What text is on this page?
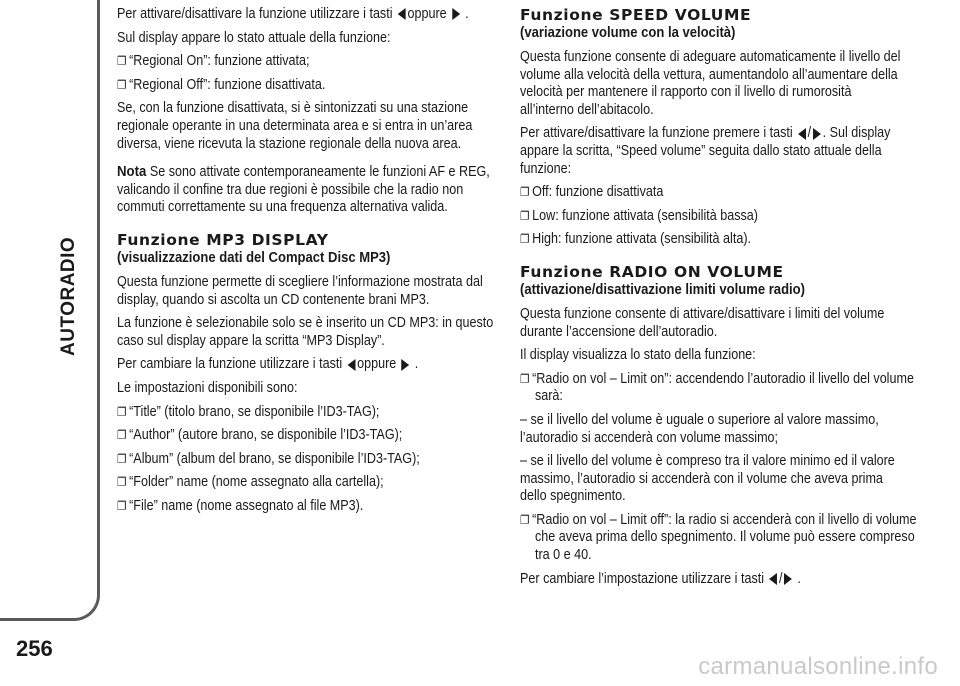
AUTORADIO
256
carmanualsonline.info

Per attivare/disattivare la funzione utilizzare i tasti oppure .

Sul display appare lo stato attuale della funzione:

❐ “Regional On”: funzione attivata;

❐ “Regional Off”: funzione disattivata.

Se, con la funzione disattivata, si è sintonizzati su una stazione regionale operante in una determinata area e si entra in un’area diversa, viene ricevuta la stazione regionale della nuova area.

Nota Se sono attivate contemporaneamente le funzioni AF e REG, valicando il confine tra due regioni è possibile che la radio non commuti correttamente su una frequenza alternativa valida.

Funzione MP3 DISPLAY
(visualizzazione dati del Compact Disc MP3)

Questa funzione permette di scegliere l’informazione mostrata dal display, quando si ascolta un CD contenente brani MP3.

La funzione è selezionabile solo se è inserito un CD MP3: in questo caso sul display appare la scritta “MP3 Display”.

Per cambiare la funzione utilizzare i tasti oppure .

Le impostazioni disponibili sono:

❐ “Title” (titolo brano, se disponibile l’ID3-TAG);

❐ “Author” (autore brano, se disponibile l’ID3-TAG);

❐ “Album” (album del brano, se disponibile l’ID3-TAG);

❐ “Folder” name (nome assegnato alla cartella);

❐ “File” name (nome assegnato al file MP3).

Funzione SPEED VOLUME
(variazione volume con la velocità)

Questa funzione consente di adeguare automaticamente il livello del volume alla velocità della vettura, aumentandolo all’aumentare della velocità per mantenere il rapporto con il livello di rumorosità all’interno dell’abitacolo.

Per attivare/disattivare la funzione premere i tasti / . Sul display appare la scritta, “Speed volume” seguita dallo stato attuale della funzione:

❐ Off: funzione disattivata

❐ Low: funzione attivata (sensibilità bassa)

❐ High: funzione attivata (sensibilità alta).

Funzione RADIO ON VOLUME
(attivazione/disattivazione limiti volume radio)

Questa funzione consente di attivare/disattivare i limiti del volume durante l’accensione dell’autoradio.

Il display visualizza lo stato della funzione:

❐ “Radio on vol – Limit on”: accendendo l’autoradio il livello del volume sarà:

– se il livello del volume è uguale o superiore al valore massimo, l’autoradio si accenderà con volume massimo;

– se il livello del volume è compreso tra il valore minimo ed il valore massimo, l’autoradio si accenderà con il volume che aveva prima dello spegnimento.

❐ “Radio on vol – Limit off”: la radio si accenderà con il livello di volume che aveva prima dello spegnimento. Il volume può essere compreso tra 0 e 40.

Per cambiare l’impostazione utilizzare i tasti / .
